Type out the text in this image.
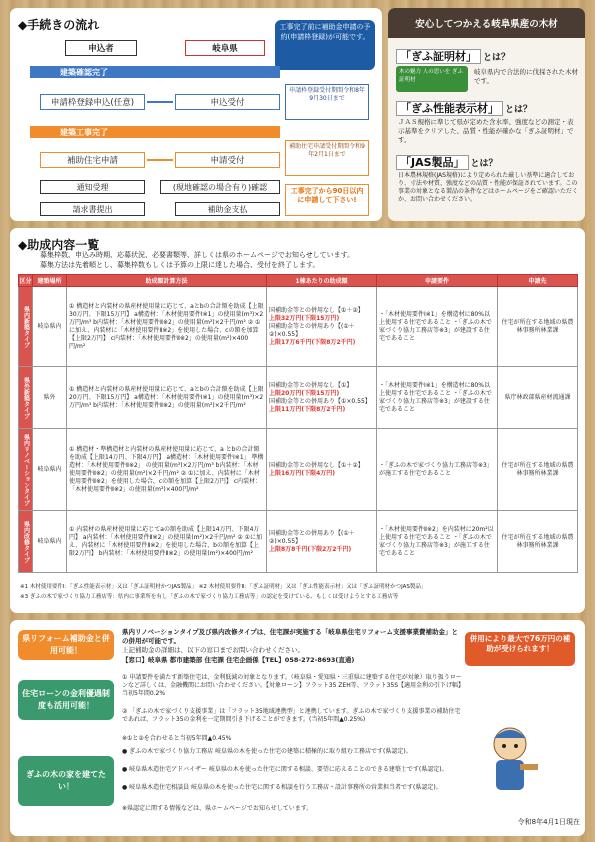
◆手続きの流れ
申込者	岐阜県
工事完了前に補助金申請の予約(申請枠登録)が可能です。
建築確認完了
申請枠登録申込(任意)	申込受付
申請枠登録受付期間令和8年9月30日まで
建築工事完了
補助住宅申請	申請受付
補助住宅申請受付期間令和9年2月1日まで
通知受理	(現地確認の場合有り)確認
請求書提出	補助金支払
工事完了から90日以内に申請して下さい!
安心してつかえる岐阜県産の木材
「ぎふ証明材」 とは？
木の魅力 人の思いを ぎふ証明材
岐阜県内で合法的に伐採された木材です。
「ぎふ性能表示材」 とは？
ＪＡＳ規格に準じて県が定めた含水率、強度などの測定・表示基準をクリアした、品質・性能が確かな「ぎふ証明材」です。
「JAS製品」 とは？
日本農林規格(JAS規格)により定められた厳しい基準に適合しており、寸法や材質、強度などの品質・性能が保証されています。この事業の対象となる製品の条件などはホームページをご確認いただくか、お問い合わせください。
◆助成内容一覧
募集枠数、申込み時期、応募状況、必要書類等、詳しくは県のホームページでお知らせしています。
募集方法は先着順とし、募集枠数もしくは予算の上限に達した場合、受付を終了します。
区分	建築場所	助成額計算方法	1棟あたりの助成額	申請要件	申請先
県内新築タイプ	岐阜県内	① 構造材と内装材の県産材使用量に応じて、aとbの合計額を助成【上限30万円、下限15万円】 a構造材：「木材使用要件Ⅰ※1」の使用量(m³)×2万円/m³ b内装材：「木材使用要件Ⅱ※2」の使用量(m²)×2千円/m² ② ①に加え、内装材に「木材使用要件Ⅱ※2」を使用した場合、cの額を加算【上限2万円】 c内装材：「木材使用要件Ⅱ※2」の使用量(m²)×400円/m²	国補助金等との併用なし【①＋②】
上限32万円(下限15万円)
国補助金等との併用あり【(①＋②)×0.55】
上限17万6千円(下限8万2千円)	・「木材使用要件Ⅰ※1」を構造材に80%以上使用する住宅であること ・「ぎふの木で家づくり協力工務店等※3」が建設する住宅であること	住宅が所在する地域の県農林事務所林業課
県外新築タイプ	県外	① 構造材と内装材の県産材使用量に応じて、aとbの合計額を助成【上限20万円、下限15万円】 a構造材：「木材使用要件Ⅰ※1」の使用量(m³)×2万円/m³ b内装材：「木材使用要件Ⅱ※2」の使用量(m²)×2千円/m²	国補助金等との併用なし【①】
上限20万円(下限15万円)
国補助金等との併用あり【①×0.55】
上限11万円(下限8万2千円)	・「木材使用要件Ⅰ※1」を構造材に80%以上使用する住宅であること ・「ぎふの木で家づくり協力工務店等※3」が建設する住宅であること	県庁林政部県産材流通課
県内リノベーションタイプ	岐阜県内	① 構造材・準構造材と内装材の県産材使用量に応じて、a とbの合計額を助成【上限14万円、下限4万円】 a構造材：「木材使用要件Ⅰ※1」 準構造材：「木材使用要件Ⅱ※2」 の使用量(m³)×2万円/m³ b内装材：「木材使用要件Ⅱ※2」の使用量(m²)×2千円/m² ② ①に加え、内装材に「木材使用要件Ⅱ※2」を使用した場合、cの額を加算【上限2万円】 c内装材：「木材使用要件Ⅱ※2」の使用量(m²)×400円/m²	国補助金等との併用なし【①＋②】
上限16万円(下限4万円)	・「ぎふの木で家づくり協力工務店等※3」が施工する住宅であること	住宅が所在する地域の県農林事務所林業課
県内改修タイプ	岐阜県内	① 内装材の県産材使用量に応じてaの額を助成【上限14万円、下限4万円】 a内装材：「木材使用要件Ⅱ※2」の使用量(m²)×2千円/m² ② ①に加え、内装材に「木材使用要件Ⅱ※2」を使用した場合、bの額を加算【上限2万円】 b内装材：「木材使用要件Ⅱ※2」の使用量(m²)×400円/m²	国補助金等との併用あり【(①＋②)×0.55】
上限8万8千円(下限2万2千円)	・「木材使用要件Ⅱ※2」を内装材に20m²以上使用する住宅であること ・「ぎふの木で家づくり協力工務店等※3」が施工する住宅であること	住宅が所在する地域の県農林事務所林業課
※1 木材使用要件Ⅰ：「ぎふ性能表示材」又は「ぎふ証明材かつJAS製品」 ※2 木材使用要件Ⅱ：「ぎふ証明材」又は「ぎふ性能表示材」又は「ぎふ証明材かつJAS製品」
※3 ぎふの木で家づくり協力工務店等：県内に事業所を有し「ぎふの木で家づくり協力工務店等」の認定を受けている、もしくは受けようとする工務店等
県リフォーム補助金と併用可能！
県内リノベーションタイプ及び県内改修タイプは、住宅課が実施する「岐阜県住宅リフォーム支援事業費補助金」との併用が可能です。
上記補助金の詳細は、以下の窓口までお問い合わせください。
【窓口】岐阜県 都市建築部 住宅課 住宅企画係【TEL】058-272-8693(直通)
併用により最大で76万円の補助が受けられます！
住宅ローンの金利優遇制度も活用可能！
① 申請要件を満たす新築住宅は、金利低減の対象となります。（岐阜県・愛知県・三重県に建築する住宅が対象）取り扱うローンなど詳しくは、金融機関にお問い合わせください。【対象ローン】フラット35 ZEH等、フラット35S【適用金利の引下げ幅】当初5年間0.2%
② 「ぎふの木で家づくり支援事業」は「フラット35地域連携型」と連携しています。ぎふの木で家づくり支援事業の補助住宅であれば、フラット35の金利を一定期間引き下げることができます。(当初5年間▲0.25%)
※①と②を合わせると当初5年間▲0.45%
ぎふの木の家を建てたい！
● ぎふの木で家づくり協力工務店 岐阜県の木を使った住宅の建築に積極的に取り組む工務店です(県認定)。
● 岐阜県木造住宅アドバイザー 岐阜県の木を使った住宅に関する相談、要望に応えることのできる建築士です(県認定)。
● 岐阜県木造住宅相談員 岐阜県の木を使った住宅に関する相談を行う工務店・設計事務所の営業担当者です(県認定)。
※県認定に関する情報などは、県ホームページでお知らせしています。
令和8年4月1日現在
